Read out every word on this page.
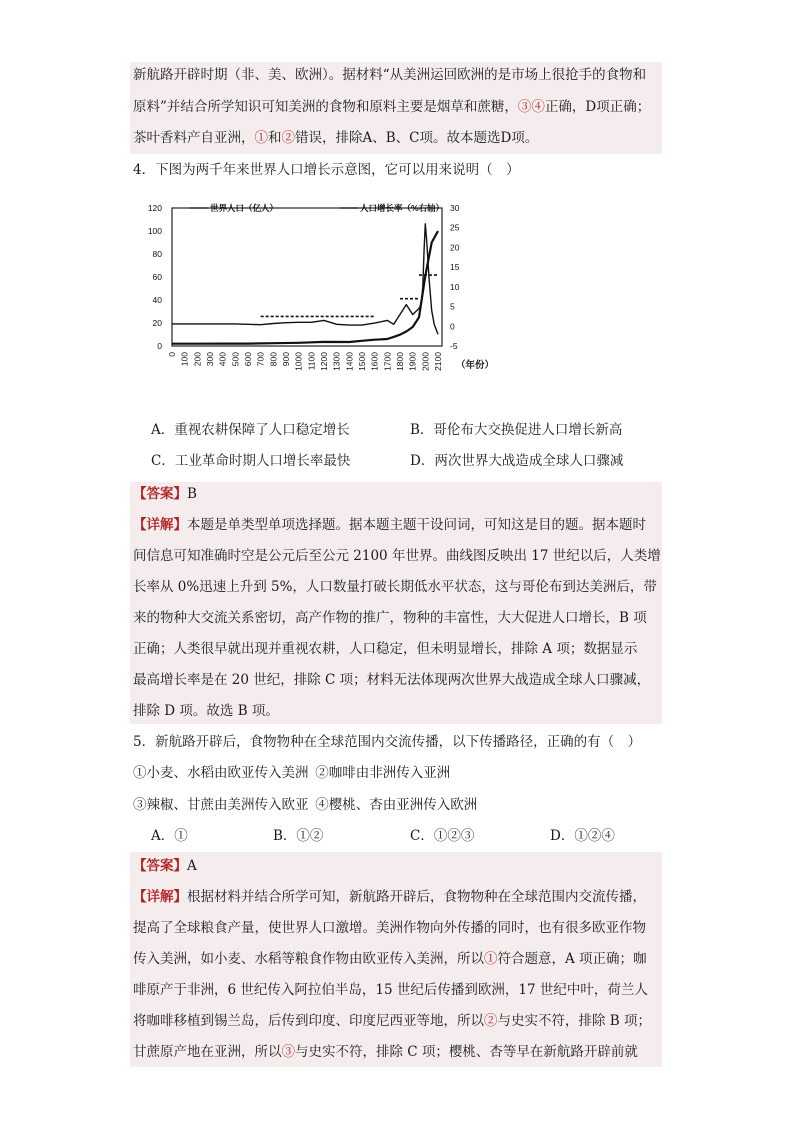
新航路开辟时期（非、美、欧洲）。据材料“从美洲运回欧洲的是市场上很抢手的食物和
原料”并结合所学知识可知美洲的食物和原料主要是烟草和蔗糖，③④正确，D项正确；
茶叶香料产自亚洲，①和②错误，排除A、B、C项。故本题选D项。
4．下图为两千年来世界人口增长示意图，它可以用来说明（　）
0
20
40
60
80
100
120
-5
0
5
10
15
20
25
30
0 100 200 300 400 500 600 700 800 900 1000 1100 1200 1300 1400 1500 1600 1700 1800 1900 2000 2100 （年份）
世界人口（亿人）	人口增长率（%右轴）
A．重视农耕保障了人口稳定增长	B．哥伦布大交换促进人口增长新高
C．工业革命时期人口增长率最快	D．两次世界大战造成全球人口骤减
【答案】B
【详解】本题是单类型单项选择题。据本题主题干设问词，可知这是目的题。据本题时
间信息可知准确时空是公元后至公元 2100 年世界。曲线图反映出 17 世纪以后，人类增
长率从 0%迅速上升到 5%，人口数量打破长期低水平状态，这与哥伦布到达美洲后，带
来的物种大交流关系密切，高产作物的推广，物种的丰富性，大大促进人口增长，B 项
正确；人类很早就出现并重视农耕，人口稳定，但未明显增长，排除 A 项；数据显示
最高增长率是在 20 世纪，排除 C 项；材料无法体现两次世界大战造成全球人口骤减，
排除 D 项。故选 B 项。
5．新航路开辟后，食物物种在全球范围内交流传播，以下传播路径，正确的有（　）
①小麦、水稻由欧亚传入美洲  ②咖啡由非洲传入亚洲
③辣椒、甘蔗由美洲传入欧亚  ④樱桃、杏由亚洲传入欧洲
A．①	B．①②	C．①②③	D．①②④
【答案】A
【详解】根据材料并结合所学可知，新航路开辟后，食物物种在全球范围内交流传播，
提高了全球粮食产量，使世界人口激增。美洲作物向外传播的同时，也有很多欧亚作物
传入美洲，如小麦、水稻等粮食作物由欧亚传入美洲，所以①符合题意，A 项正确；咖
啡原产于非洲，6 世纪传入阿拉伯半岛，15 世纪后传播到欧洲，17 世纪中叶，荷兰人
将咖啡移植到锡兰岛，后传到印度、印度尼西亚等地，所以②与史实不符，排除 B 项；
甘蔗原产地在亚洲，所以③与史实不符，排除 C 项；樱桃、杏等早在新航路开辟前就
